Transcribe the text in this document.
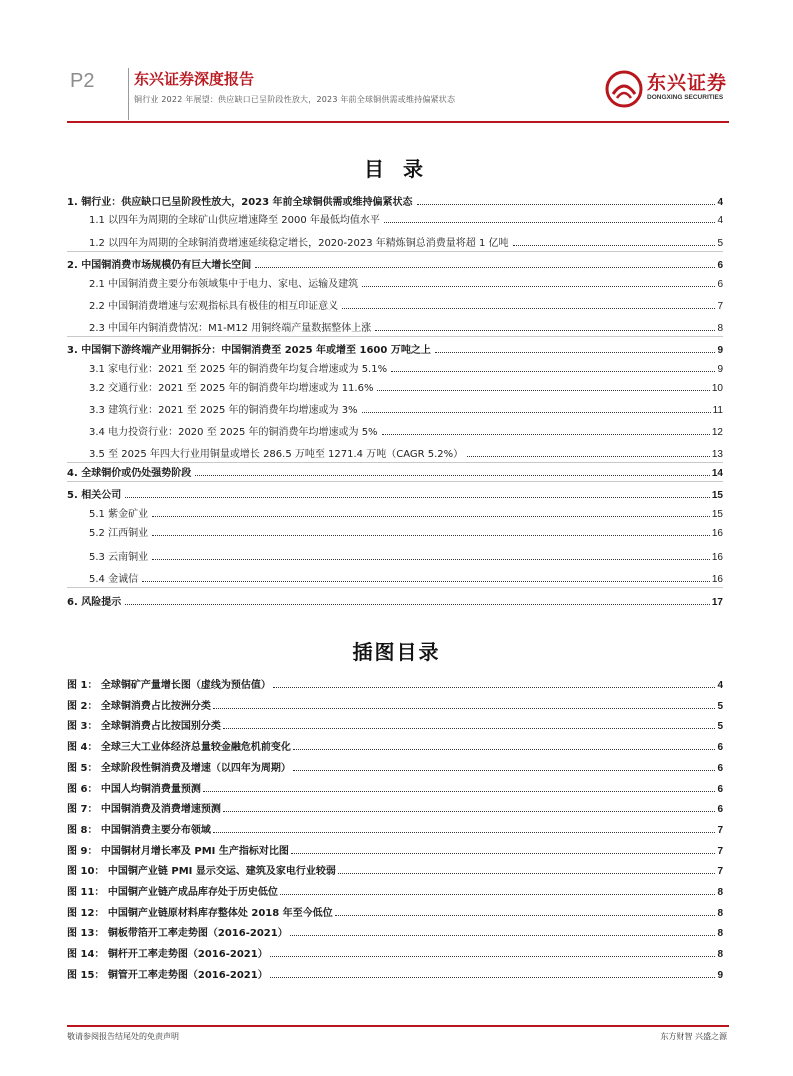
P2	东兴证券深度报告
铜行业 2022 年展望：供应缺口已呈阶段性放大，2023 年前全球铜供需或维持偏紧状态
东兴证券
DONGXING SECURITIES
目 录
1. 铜行业：供应缺口已呈阶段性放大，2023 年前全球铜供需或维持偏紧状态	4
1.1 以四年为周期的全球矿山供应增速降至 2000 年最低均值水平	4
1.2 以四年为周期的全球铜消费增速延续稳定增长，2020-2023 年精炼铜总消费量将超 1 亿吨	5
2. 中国铜消费市场规模仍有巨大增长空间	6
2.1 中国铜消费主要分布领域集中于电力、家电、运输及建筑	6
2.2 中国铜消费增速与宏观指标具有极佳的相互印证意义	7
2.3 中国年内铜消费情况：M1-M12 用铜终端产量数据整体上涨	8
3. 中国铜下游终端产业用铜拆分：中国铜消费至 2025 年或增至 1600 万吨之上	9
3.1 家电行业：2021 至 2025 年的铜消费年均复合增速或为 5.1%	9
3.2 交通行业：2021 至 2025 年的铜消费年均增速或为 11.6%	10
3.3 建筑行业：2021 至 2025 年的铜消费年均增速或为 3%	11
3.4 电力投资行业：2020 至 2025 年的铜消费年均增速或为 5%	12
3.5 至 2025 年四大行业用铜量或增长 286.5 万吨至 1271.4 万吨（CAGR 5.2%）	13
4. 全球铜价或仍处强势阶段	14
5. 相关公司	15
5.1 紫金矿业	15
5.2 江西铜业	16
5.3 云南铜业	16
5.4 金诚信	16
6. 风险提示	17
插图目录
图 1： 全球铜矿产量增长图（虚线为预估值）	4
图 2： 全球铜消费占比按洲分类	5
图 3： 全球铜消费占比按国别分类	5
图 4： 全球三大工业体经济总量较金融危机前变化	6
图 5： 全球阶段性铜消费及增速（以四年为周期）	6
图 6： 中国人均铜消费量预测	6
图 7： 中国铜消费及消费增速预测	6
图 8： 中国铜消费主要分布领域	7
图 9： 中国铜材月增长率及 PMI 生产指标对比图	7
图 10： 中国铜产业链 PMI 显示交运、建筑及家电行业较弱	7
图 11： 中国铜产业链产成品库存处于历史低位	8
图 12： 中国铜产业链原材料库存整体处 2018 年至今低位	8
图 13： 铜板带箔开工率走势图（2016-2021）	8
图 14： 铜杆开工率走势图（2016-2021）	8
图 15： 铜管开工率走势图（2016-2021）	9
敬请参阅报告结尾处的免责声明	东方财智 兴盛之源
